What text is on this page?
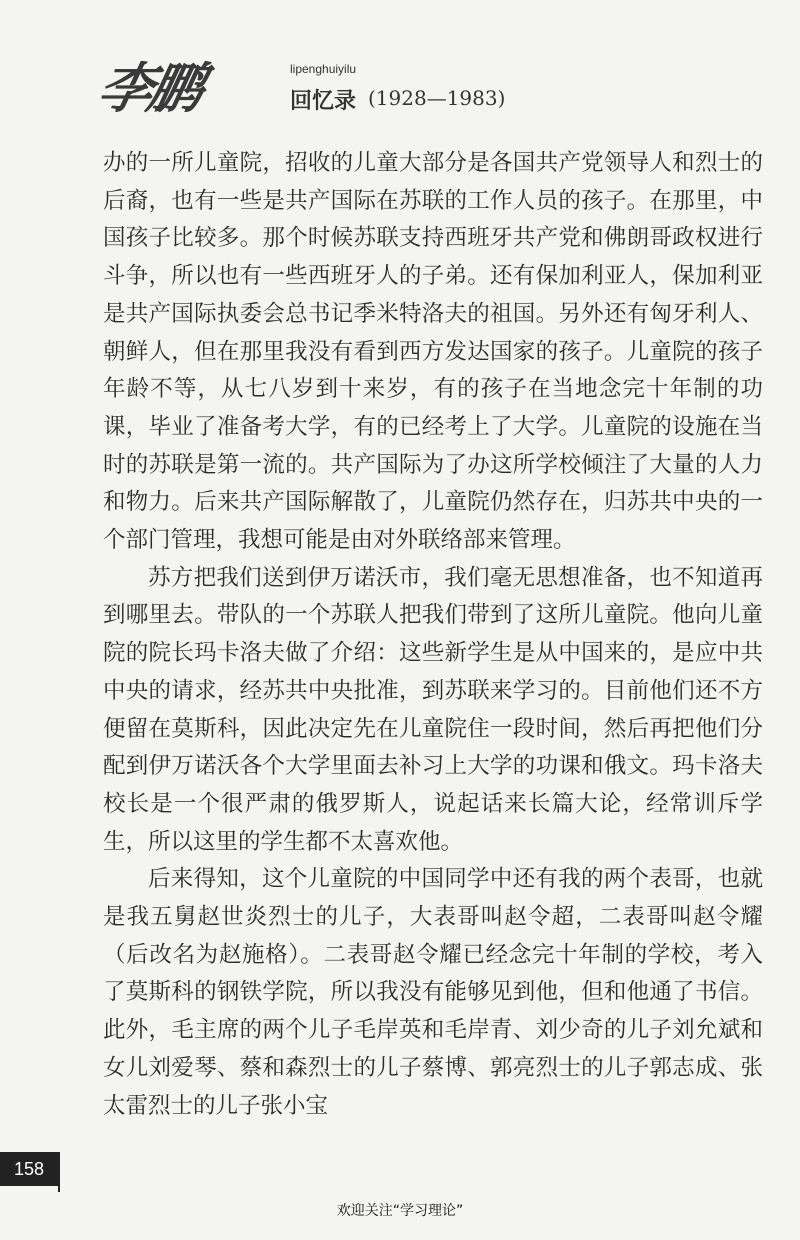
李鹏	lipenghuiyilu
回忆录 (1928—1983)

办的一所儿童院，招收的儿童大部分是各国共产党领导人和烈士的后裔，也有一些是共产国际在苏联的工作人员的孩子。在那里，中国孩子比较多。那个时候苏联支持西班牙共产党和佛朗哥政权进行斗争，所以也有一些西班牙人的子弟。还有保加利亚人，保加利亚是共产国际执委会总书记季米特洛夫的祖国。另外还有匈牙利人、朝鲜人，但在那里我没有看到西方发达国家的孩子。儿童院的孩子年龄不等，从七八岁到十来岁，有的孩子在当地念完十年制的功课，毕业了准备考大学，有的已经考上了大学。儿童院的设施在当时的苏联是第一流的。共产国际为了办这所学校倾注了大量的人力和物力。后来共产国际解散了，儿童院仍然存在，归苏共中央的一个部门管理，我想可能是由对外联络部来管理。

苏方把我们送到伊万诺沃市，我们毫无思想准备，也不知道再到哪里去。带队的一个苏联人把我们带到了这所儿童院。他向儿童院的院长玛卡洛夫做了介绍：这些新学生是从中国来的，是应中共中央的请求，经苏共中央批准，到苏联来学习的。目前他们还不方便留在莫斯科，因此决定先在儿童院住一段时间，然后再把他们分配到伊万诺沃各个大学里面去补习上大学的功课和俄文。玛卡洛夫校长是一个很严肃的俄罗斯人，说起话来长篇大论，经常训斥学生，所以这里的学生都不太喜欢他。

后来得知，这个儿童院的中国同学中还有我的两个表哥，也就是我五舅赵世炎烈士的儿子，大表哥叫赵令超，二表哥叫赵令耀（后改名为赵施格）。二表哥赵令耀已经念完十年制的学校，考入了莫斯科的钢铁学院，所以我没有能够见到他，但和他通了书信。此外，毛主席的两个儿子毛岸英和毛岸青、刘少奇的儿子刘允斌和女儿刘爱琴、蔡和森烈士的儿子蔡博、郭亮烈士的儿子郭志成、张太雷烈士的儿子张小宝

158
欢迎关注“学习理论”
